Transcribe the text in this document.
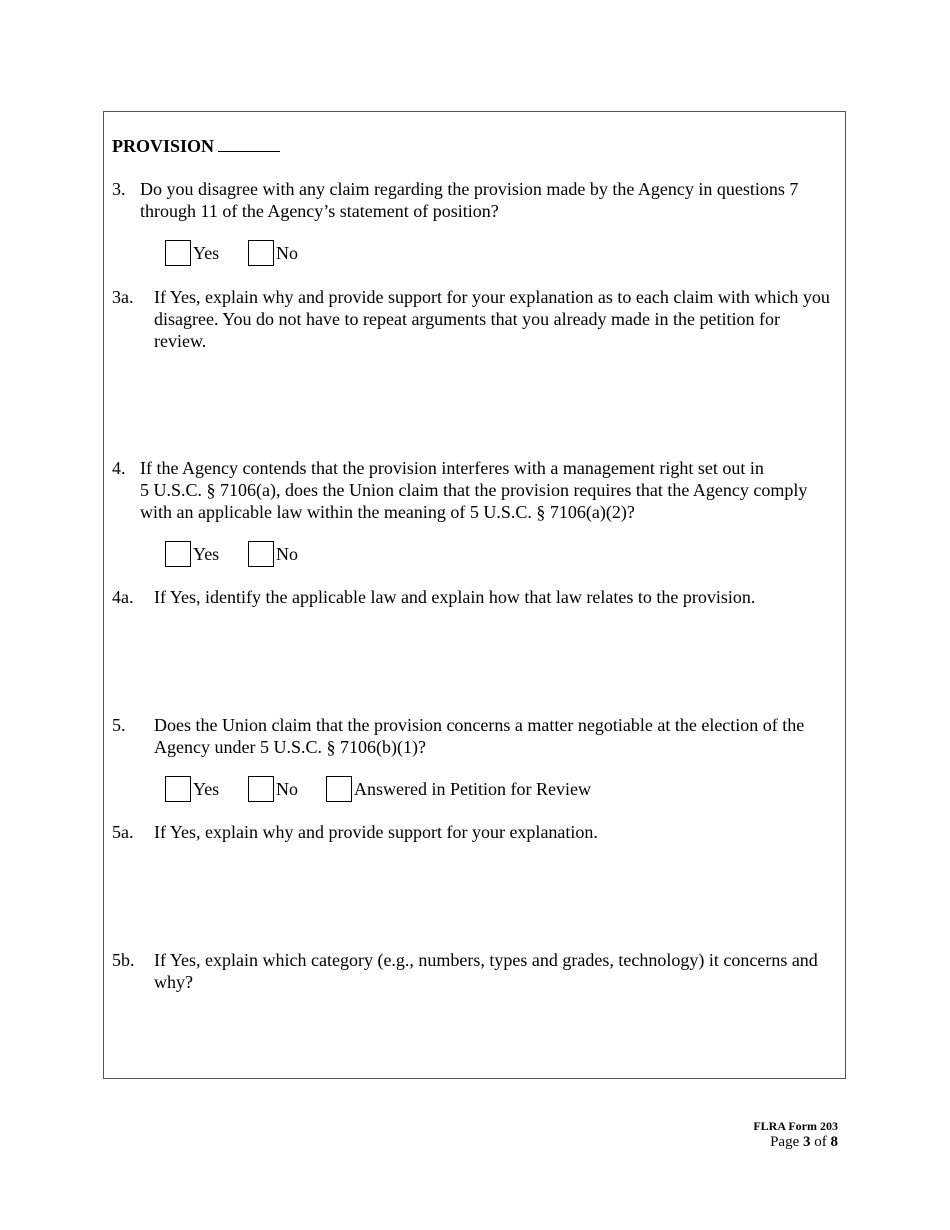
PROVISION
3. Do you disagree with any claim regarding the provision made by the Agency in questions 7 through 11 of the Agency’s statement of position?
Yes	No
3a. If Yes, explain why and provide support for your explanation as to each claim with which you disagree. You do not have to repeat arguments that you already made in the petition for review.
4. If the Agency contends that the provision interferes with a management right set out in
5 U.S.C. § 7106(a), does the Union claim that the provision requires that the Agency comply
with an applicable law within the meaning of 5 U.S.C. § 7106(a)(2)?
Yes	No
4a. If Yes, identify the applicable law and explain how that law relates to the provision.
5. Does the Union claim that the provision concerns a matter negotiable at the election of the Agency under 5 U.S.C. § 7106(b)(1)?
Yes	No	Answered in Petition for Review
5a. If Yes, explain why and provide support for your explanation.
5b. If Yes, explain which category (e.g., numbers, types and grades, technology) it concerns and why?
FLRA Form 203
Page 3 of 8
